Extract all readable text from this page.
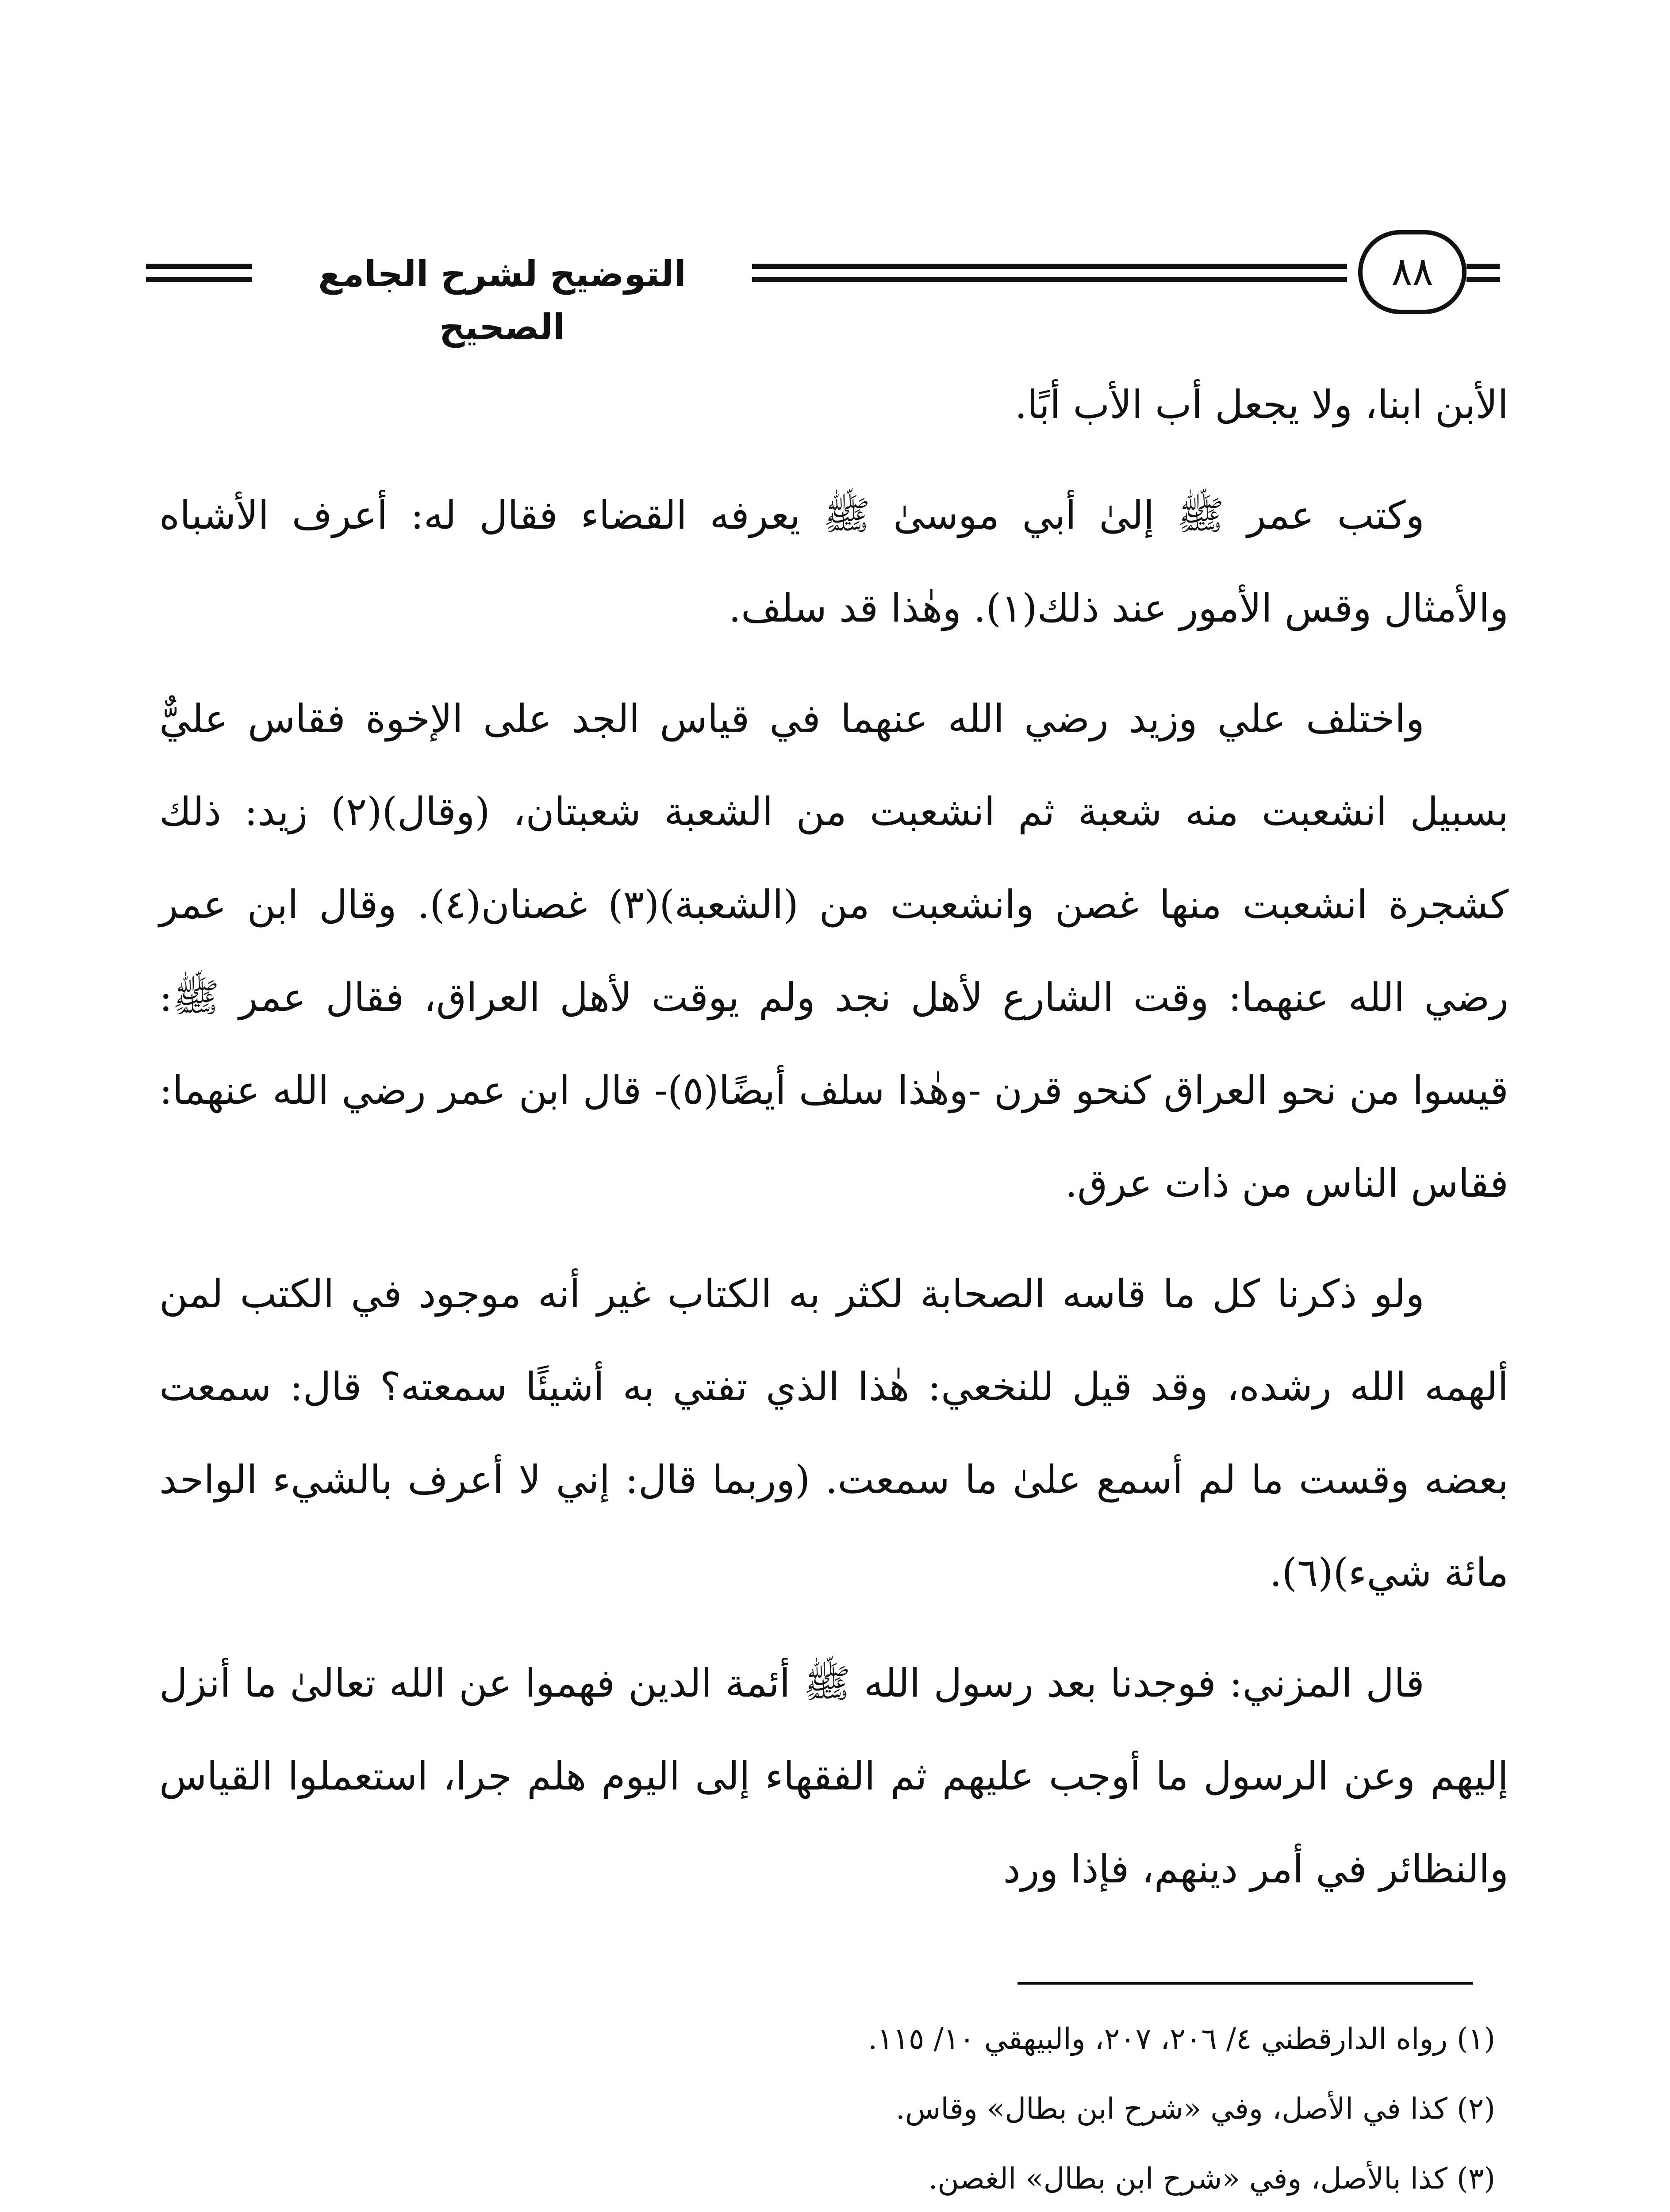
التوضيح لشرح الجامع الصحيح
٨٨

الأبن ابنا، ولا يجعل أب الأب أبًا.

وكتب عمر ﷺ إلىٰ أبي موسىٰ ﷺ يعرفه القضاء فقال له: أعرف الأشباه والأمثال وقس الأمور عند ذلك(١). وهٰذا قد سلف.

واختلف علي وزيد رضي الله عنهما في قياس الجد على الإخوة فقاس عليٌّ بسبيل انشعبت منه شعبة ثم انشعبت من الشعبة شعبتان، (وقال)(٢) زيد: ذلك كشجرة انشعبت منها غصن وانشعبت من (الشعبة)(٣) غصنان(٤). وقال ابن عمر رضي الله عنهما: وقت الشارع لأهل نجد ولم يوقت لأهل العراق، فقال عمر ﷺ: قيسوا من نحو العراق كنحو قرن -وهٰذا سلف أيضًا(٥)- قال ابن عمر رضي الله عنهما: فقاس الناس من ذات عرق.

ولو ذكرنا كل ما قاسه الصحابة لكثر به الكتاب غير أنه موجود في الكتب لمن ألهمه الله رشده، وقد قيل للنخعي: هٰذا الذي تفتي به أشيئًا سمعته؟ قال: سمعت بعضه وقست ما لم أسمع علىٰ ما سمعت. (وربما قال: إني لا أعرف بالشيء الواحد مائة شيء)(٦).

قال المزني: فوجدنا بعد رسول الله ﷺ أئمة الدين فهموا عن الله تعالىٰ ما أنزل إليهم وعن الرسول ما أوجب عليهم ثم الفقهاء إلى اليوم هلم جرا، استعملوا القياس والنظائر في أمر دينهم، فإذا ورد

(١) رواه الدارقطني ٤/ ٢٠٦، ٢٠٧، والبيهقي ١٠/ ١١٥.
(٢) كذا في الأصل، وفي «شرح ابن بطال» وقاس.
(٣) كذا بالأصل، وفي «شرح ابن بطال» الغصن.
